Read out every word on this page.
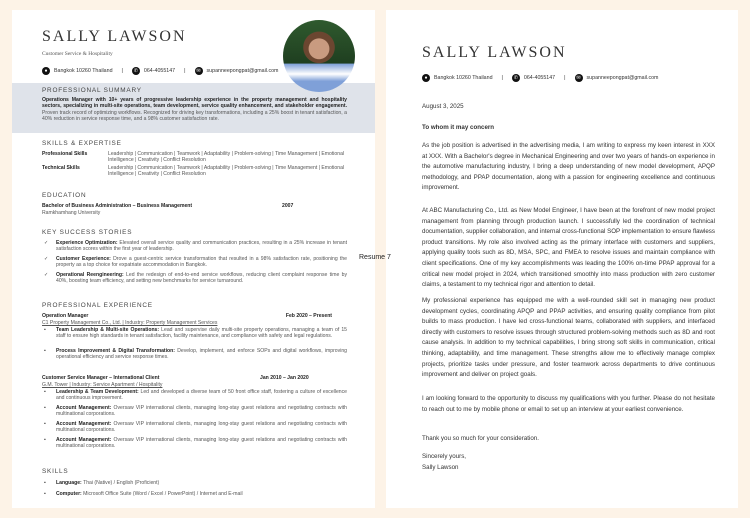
SALLY LAWSON
Customer Service & Hospitality
●	Bangkok 10260 Thailand |	✆	064-4055147 |	✉	supanneepongpat@gmail.com
PROFESSIONAL SUMMARY
Operations Manager with 10+ years of progressive leadership experience in the property management and hospitality sectors, specializing in multi-site operations, team development, service quality enhancement, and stakeholder engagement. Proven track record of optimizing workflows. Recognized for driving key transformations, including a 25% boost in tenant satisfaction, a 40% reduction in service response time, and a 98% customer satisfaction rate.
SKILLS & EXPERTISE
Professional Skills	Leadership | Communication | Teamwork | Adaptability | Problem-solving | Time Management | Emotional Intelligence | Creativity | Conflict Resolution
Technical Skills	Leadership | Communication | Teamwork | Adaptability | Problem-solving | Time Management | Emotional Intelligence | Creativity | Conflict Resolution
EDUCATION
Bachelor of Business Administration – Business Management	2007
Ramkhamhang University
KEY SUCCESS STORIES
✓ Experience Optimization: Elevated overall service quality and communication practices, resulting in a 25% increase in tenant satisfaction scores within the first year of leadership.
✓ Customer Experience: Drove a guest-centric service transformation that resulted in a 98% satisfaction rate, positioning the property as a top choice for expatriate accommodation in Bangkok.
✓ Operational Reengineering: Led the redesign of end-to-end service workflows, reducing client complaint response time by 40%, boosting team efficiency, and setting new benchmarks for service turnaround.
PROFESSIONAL EXPERIENCE
Operation Manager	Feb 2020 – Present
C1 Property Management Co., Ltd. | Industry: Property Management Services
▪ Team Leadership & Multi-site Operations: Lead and supervise daily multi-site property operations, managing a team of 15 staff to ensure high standards in tenant satisfaction, facility maintenance, and compliance with safety and legal regulations.
▪ Process Improvement & Digital Transformation: Develop, implement, and enforce SOPs and digital workflows, improving operational efficiency and service response times.
Customer Service Manager – International Client	Jan 2010 – Jan 2020
G.M. Tower | Industry: Service Apartment / Hospitality
▪ Leadership & Team Development: Led and developed a diverse team of 50 front office staff, fostering a culture of excellence and continuous improvement.
▪ Account Management: Oversaw VIP international clients, managing long-stay guest relations and negotiating contracts with multinational corporations.
▪ Account Management: Oversaw VIP international clients, managing long-stay guest relations and negotiating contracts with multinational corporations.
▪ Account Management: Oversaw VIP international clients, managing long-stay guest relations and negotiating contracts with multinational corporations.
SKILLS
▪ Language: Thai (Native) / English (Proficient)
▪ Computer: Microsoft Office Suite (Word / Excel / PowerPoint) / Internet and E-mail
SALLY LAWSON
●	Bangkok 10260 Thailand |	✆	064-4055147 |	✉	supanneepongpat@gmail.com
August 3, 2025
To whom it may concern
As the job position is advertised in the advertising media, I am writing to express my keen interest in XXX at XXX. With a Bachelor's degree in Mechanical Engineering and over two years of hands-on experience in the automotive manufacturing industry, I bring a deep understanding of new model development, APQP methodology, and PPAP documentation, along with a passion for engineering excellence and continuous improvement.
At ABC Manufacturing Co., Ltd. as New Model Engineer, I have been at the forefront of new model project management from planning through production launch. I successfully led the coordination of technical documentation, supplier collaboration, and internal cross-functional SOP implementation to ensure flawless product transitions. My role also involved acting as the primary interface with customers and suppliers, applying quality tools such as 8D, MSA, SPC, and FMEA to resolve issues and maintain compliance with client specifications. One of my key accomplishments was leading the 100% on-time PPAP approval for a critical new model project in 2024, which transitioned smoothly into mass production with zero customer claims, a testament to my technical rigor and attention to detail.
My professional experience has equipped me with a well-rounded skill set in managing new product development cycles, coordinating APQP and PPAP activities, and ensuring quality compliance from pilot builds to mass production. I have led cross-functional teams, collaborated with suppliers, and interfaced directly with customers to resolve issues through structured problem-solving methods such as 8D and root cause analysis. In addition to my technical capabilities, I bring strong soft skills in communication, critical thinking, adaptability, and time management. These strengths allow me to effectively manage complex projects, prioritize tasks under pressure, and foster teamwork across departments to drive continuous improvement and deliver on project goals.
I am looking forward to the opportunity to discuss my qualifications with you further. Please do not hesitate to reach out to me by mobile phone or email to set up an interview at your earliest convenience.
Thank you so much for your consideration.
Sincerely yours,
Sally Lawson
Resume 7
